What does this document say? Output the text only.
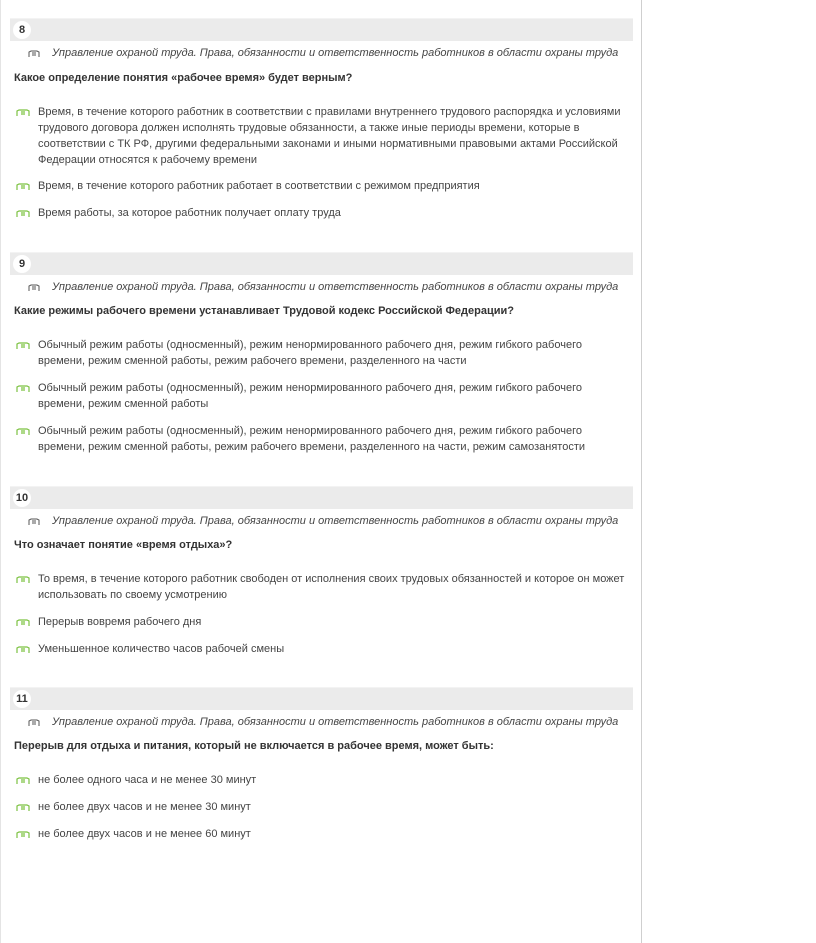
8
Управление охраной труда. Права, обязанности и ответственность работников в области охраны труда
Какое определение понятия «рабочее время» будет верным?
Время, в течение которого работник в соответствии с правилами внутреннего трудового распорядка и условиями трудового договора должен исполнять трудовые обязанности, а также иные периоды времени, которые в соответствии с ТК РФ, другими федеральными законами и иными нормативными правовыми актами Российской Федерации относятся к рабочему времени
Время, в течение которого работник работает в соответствии с режимом предприятия
Время работы, за которое работник получает оплату труда
9
Управление охраной труда. Права, обязанности и ответственность работников в области охраны труда
Какие режимы рабочего времени устанавливает Трудовой кодекс Российской Федерации?
Обычный режим работы (односменный), режим ненормированного рабочего дня, режим гибкого рабочего времени, режим сменной работы, режим рабочего времени, разделенного на части
Обычный режим работы (односменный), режим ненормированного рабочего дня, режим гибкого рабочего времени, режим сменной работы
Обычный режим работы (односменный), режим ненормированного рабочего дня, режим гибкого рабочего времени, режим сменной работы, режим рабочего времени, разделенного на части, режим самозанятости
10
Управление охраной труда. Права, обязанности и ответственность работников в области охраны труда
Что означает понятие «время отдыха»?
То время, в течение которого работник свободен от исполнения своих трудовых обязанностей и которое он может использовать по своему усмотрению
Перерыв вовремя рабочего дня
Уменьшенное количество часов рабочей смены
11
Управление охраной труда. Права, обязанности и ответственность работников в области охраны труда
Перерыв для отдыха и питания, который не включается в рабочее время, может быть:
не более одного часа и не менее 30 минут
не более двух часов и не менее 30 минут
не более двух часов и не менее 60 минут
